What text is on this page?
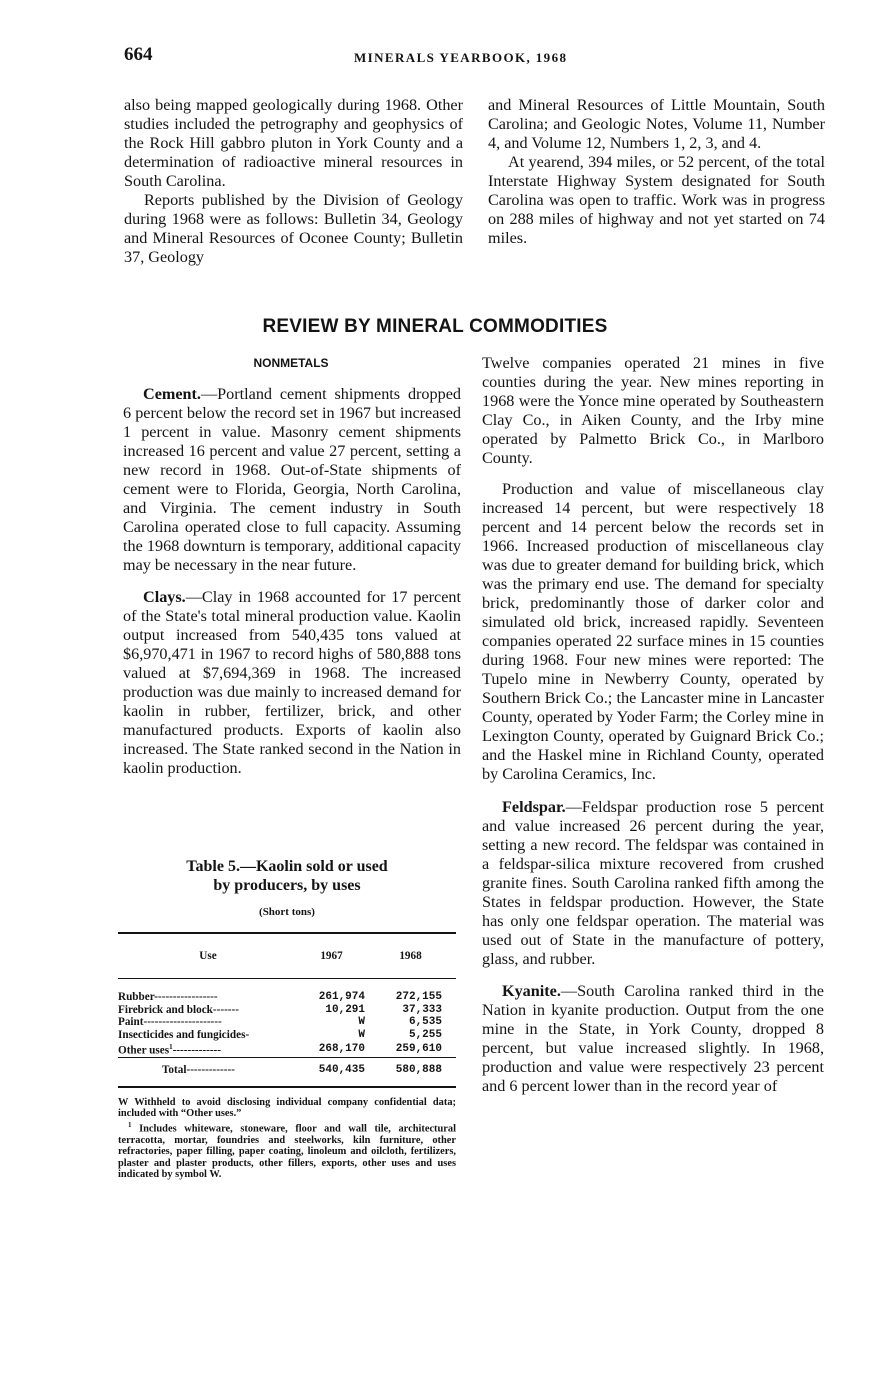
664	MINERALS YEARBOOK, 1968

also being mapped geologically during 1968. Other studies included the petrography and geophysics of the Rock Hill gabbro pluton in York County and a determination of radioactive mineral resources in South Carolina.

Reports published by the Division of Geology during 1968 were as follows: Bulletin 34, Geology and Mineral Resources of Oconee County; Bulletin 37, Geology

and Mineral Resources of Little Mountain, South Carolina; and Geologic Notes, Volume 11, Number 4, and Volume 12, Numbers 1, 2, 3, and 4.

At yearend, 394 miles, or 52 percent, of the total Interstate Highway System designated for South Carolina was open to traffic. Work was in progress on 288 miles of highway and not yet started on 74 miles.

REVIEW BY MINERAL COMMODITIES
NONMETALS

Cement.—Portland cement shipments dropped 6 percent below the record set in 1967 but increased 1 percent in value. Masonry cement shipments increased 16 percent and value 27 percent, setting a new record in 1968. Out-of-State shipments of cement were to Florida, Georgia, North Carolina, and Virginia. The cement industry in South Carolina operated close to full capacity. Assuming the 1968 downturn is temporary, additional capacity may be necessary in the near future.

Clays.—Clay in 1968 accounted for 17 percent of the State's total mineral production value. Kaolin output increased from 540,435 tons valued at $6,970,471 in 1967 to record highs of 580,888 tons valued at $7,694,369 in 1968. The increased production was due mainly to increased demand for kaolin in rubber, fertilizer, brick, and other manufactured products. Exports of kaolin also increased. The State ranked second in the Nation in kaolin production.

Table 5.—Kaolin sold or used
by producers, by uses
(Short tons)
Use	1967	1968
Rubber-----------------	261,974	272,155
Firebrick and block-------	10,291	37,333
Paint---------------------	W	6,535
Insecticides and fungicides-	W	5,255
Other uses$^1$-------------	268,170	259,610
Total-------------	540,435	580,888

W Withheld to avoid disclosing individual company confidential data; included with “Other uses.”

$^1$ Includes whiteware, stoneware, floor and wall tile, architectural terracotta, mortar, foundries and steelworks, kiln furniture, other refractories, paper filling, paper coating, linoleum and oilcloth, fertilizers, plaster and plaster products, other fillers, exports, other uses and uses indicated by symbol W.

Twelve companies operated 21 mines in five counties during the year. New mines reporting in 1968 were the Yonce mine operated by Southeastern Clay Co., in Aiken County, and the Irby mine operated by Palmetto Brick Co., in Marlboro County.

Production and value of miscellaneous clay increased 14 percent, but were respectively 18 percent and 14 percent below the records set in 1966. Increased production of miscellaneous clay was due to greater demand for building brick, which was the primary end use. The demand for specialty brick, predominantly those of darker color and simulated old brick, increased rapidly. Seventeen companies operated 22 surface mines in 15 counties during 1968. Four new mines were reported: The Tupelo mine in Newberry County, operated by Southern Brick Co.; the Lancaster mine in Lancaster County, operated by Yoder Farm; the Corley mine in Lexington County, operated by Guignard Brick Co.; and the Haskel mine in Richland County, operated by Carolina Ceramics, Inc.

Feldspar.—Feldspar production rose 5 percent and value increased 26 percent during the year, setting a new record. The feldspar was contained in a feldspar-silica mixture recovered from crushed granite fines. South Carolina ranked fifth among the States in feldspar production. However, the State has only one feldspar operation. The material was used out of State in the manufacture of pottery, glass, and rubber.

Kyanite.—South Carolina ranked third in the Nation in kyanite production. Output from the one mine in the State, in York County, dropped 8 percent, but value increased slightly. In 1968, production and value were respectively 23 percent and 6 percent lower than in the record year of
